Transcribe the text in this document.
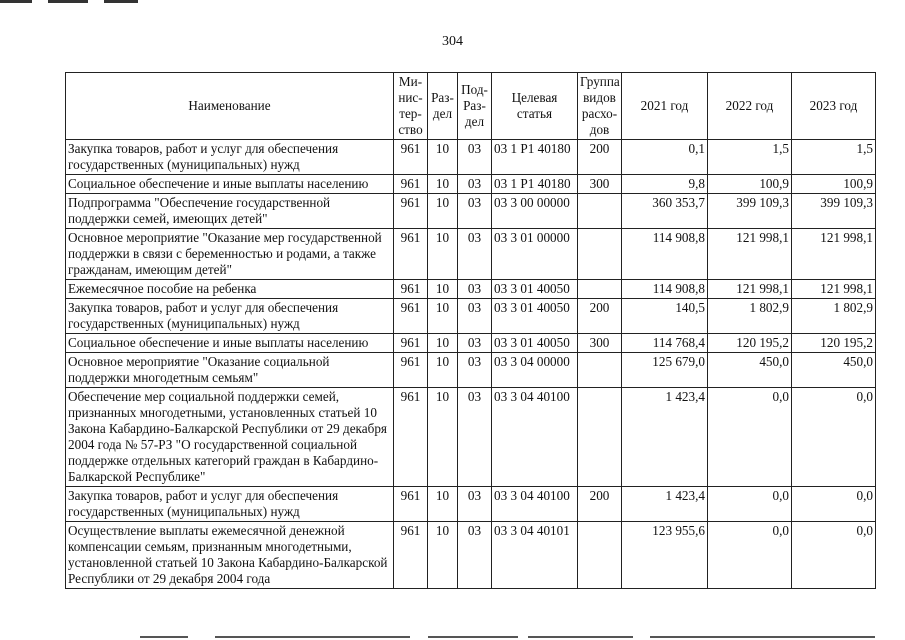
304
Наименование	Ми-нис-тер-ство	Раз-дел	Под-Раз-дел	Целевая статья	Группа видов расхо-дов	2021 год	2022 год	2023 год
Закупка товаров, работ и услуг для обеспечения государственных (муниципальных) нужд	961	10	03	03 1 P1 40180	200	0,1	1,5	1,5
Социальное обеспечение и иные выплаты населению	961	10	03	03 1 P1 40180	300	9,8	100,9	100,9
Подпрограмма "Обеспечение государственной поддержки семей, имеющих детей"	961	10	03	03 3 00 00000		360 353,7	399 109,3	399 109,3
Основное мероприятие "Оказание мер государственной поддержки в связи с беременностью и родами, а также гражданам, имеющим детей"	961	10	03	03 3 01 00000		114 908,8	121 998,1	121 998,1
Ежемесячное пособие на ребенка	961	10	03	03 3 01 40050		114 908,8	121 998,1	121 998,1
Закупка товаров, работ и услуг для обеспечения государственных (муниципальных) нужд	961	10	03	03 3 01 40050	200	140,5	1 802,9	1 802,9
Социальное обеспечение и иные выплаты населению	961	10	03	03 3 01 40050	300	114 768,4	120 195,2	120 195,2
Основное мероприятие "Оказание социальной поддержки многодетным семьям"	961	10	03	03 3 04 00000		125 679,0	450,0	450,0
Обеспечение мер социальной поддержки семей, признанных многодетными, установленных статьей 10 Закона Кабардино-Балкарской Республики от 29 декабря 2004 года № 57-РЗ "О государственной социальной поддержке отдельных категорий граждан в Кабардино-Балкарской Республике"	961	10	03	03 3 04 40100		1 423,4	0,0	0,0
Закупка товаров, работ и услуг для обеспечения государственных (муниципальных) нужд	961	10	03	03 3 04 40100	200	1 423,4	0,0	0,0
Осуществление выплаты ежемесячной денежной компенсации семьям, признанным многодетными, установленной статьей 10 Закона Кабардино-Балкарской Республики от 29 декабря 2004 года	961	10	03	03 3 04 40101		123 955,6	0,0	0,0
